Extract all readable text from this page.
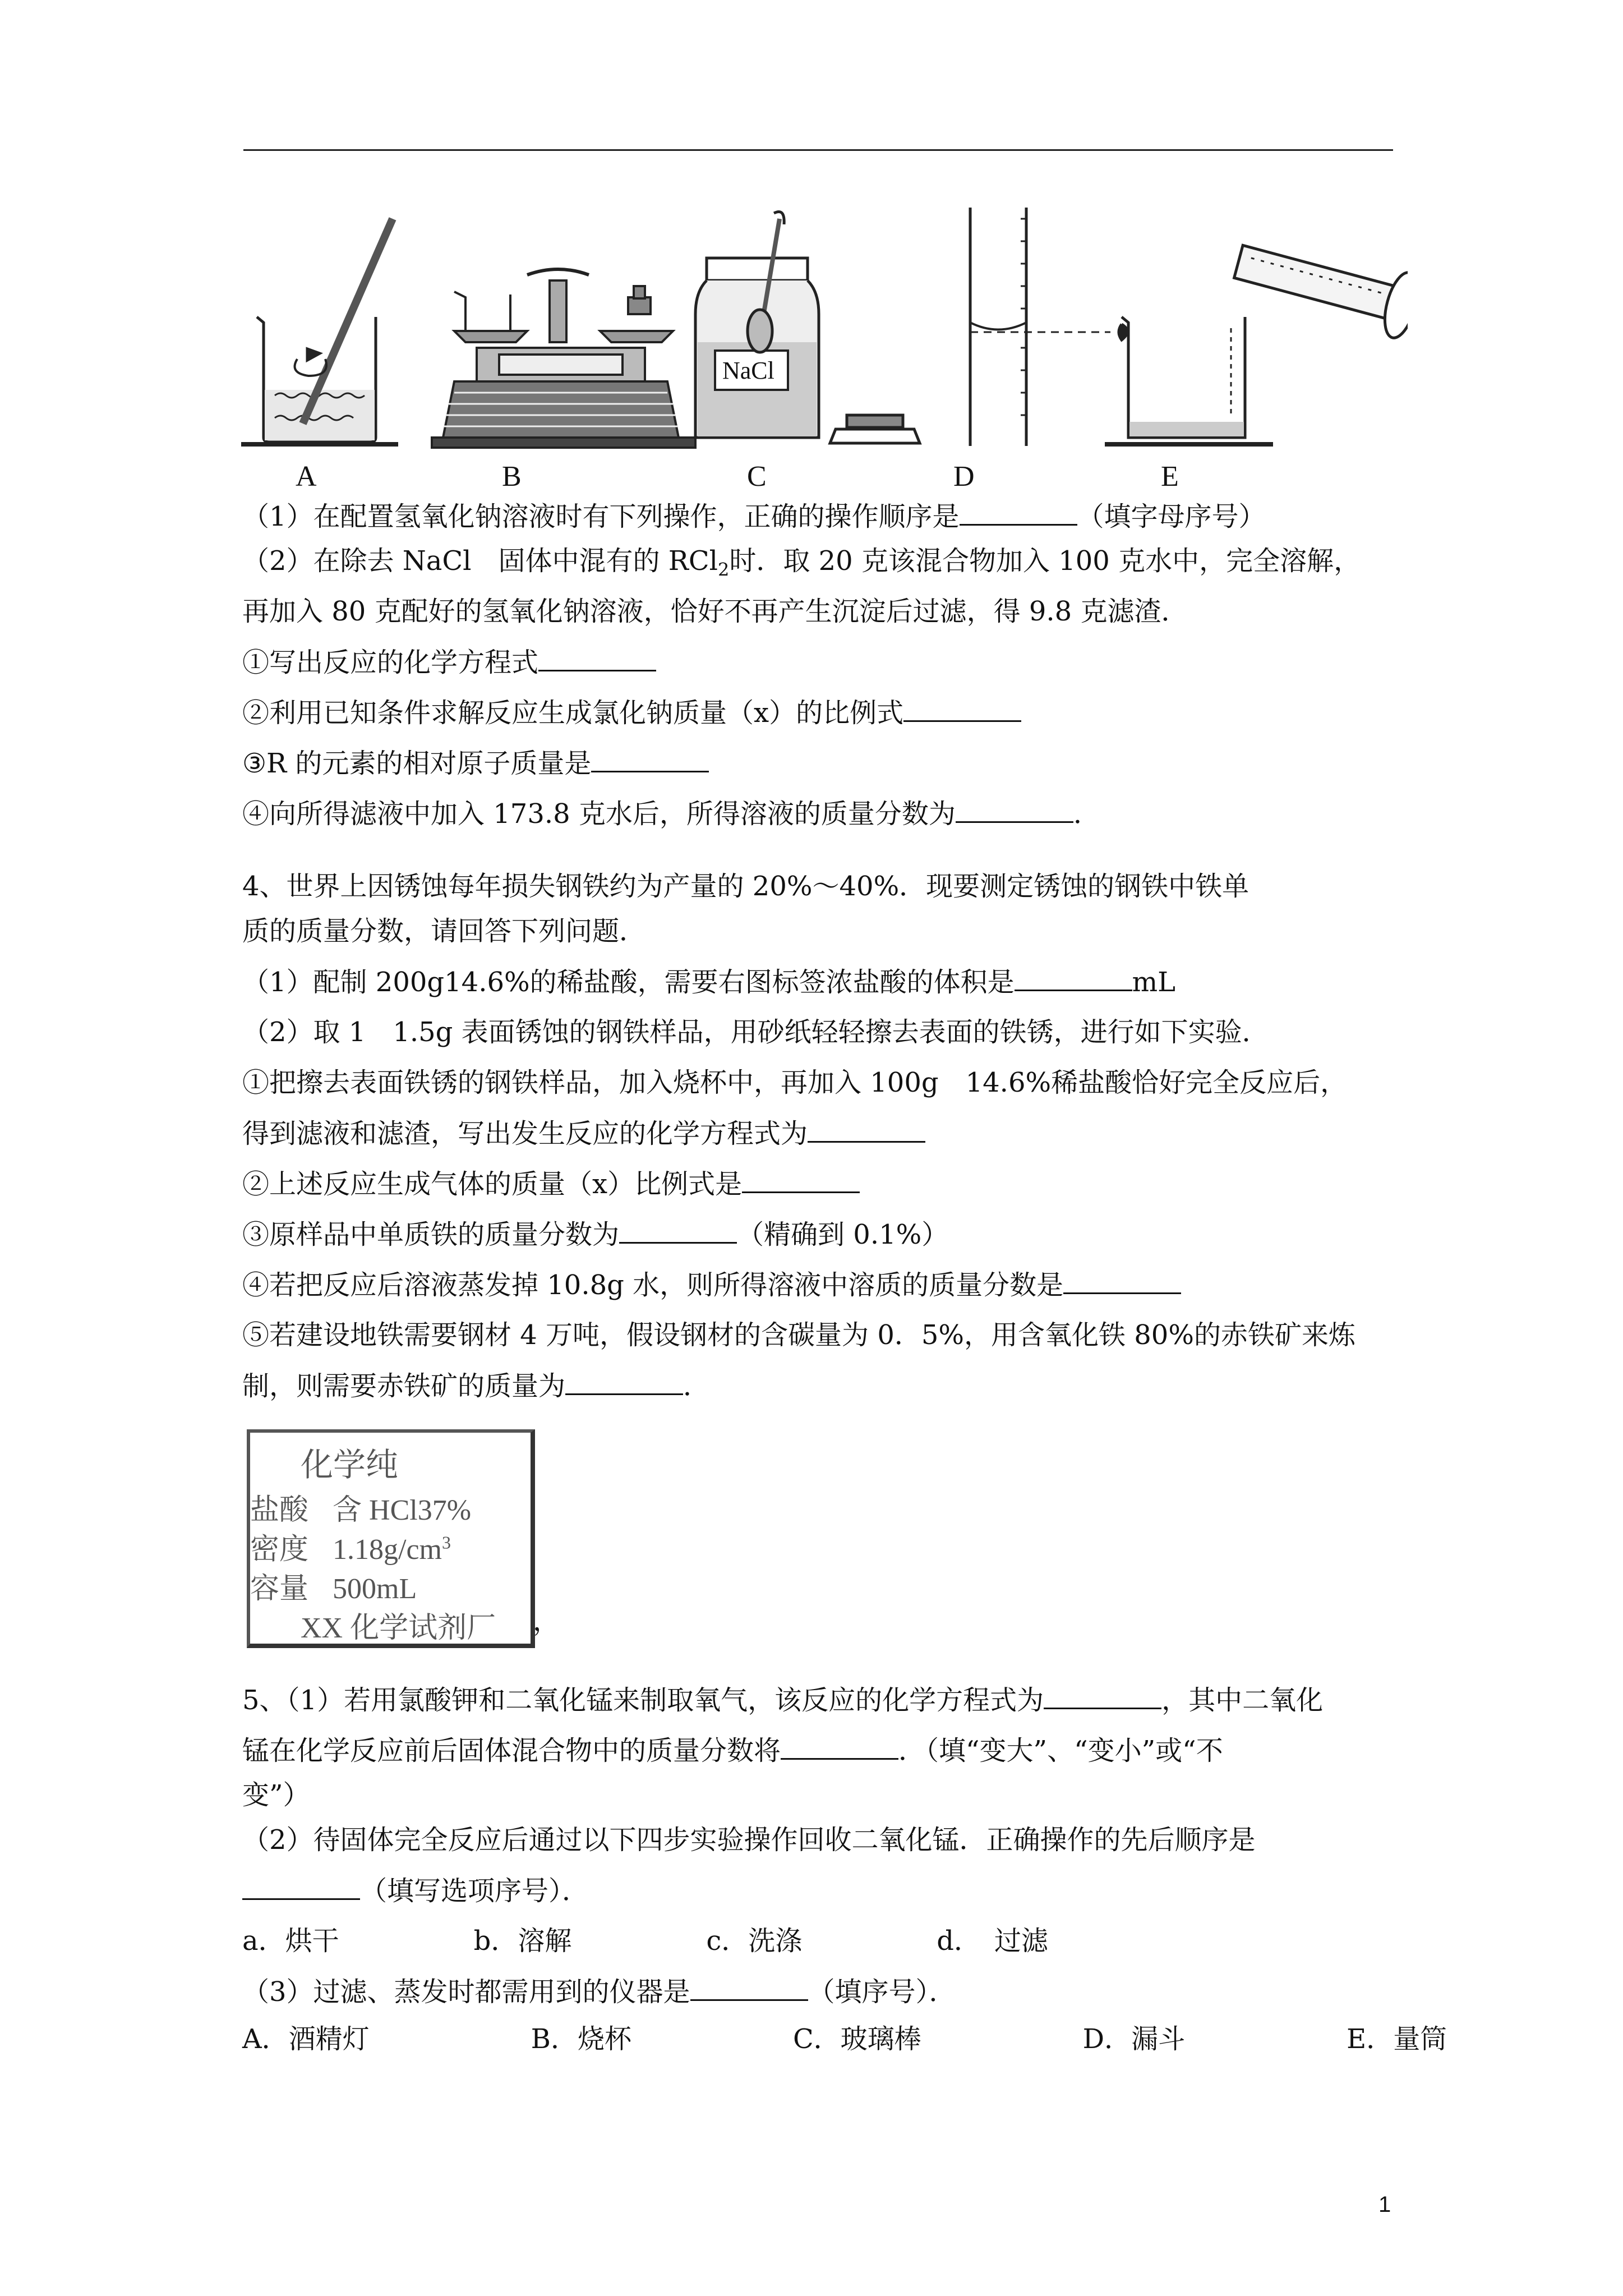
NaCl
A	B	C	D	E
（1）在配置氢氧化钠溶液时有下列操作，正确的操作顺序是	（填字母序号）
（2）在除去 NaCl　固体中混有的 RCl$_2$时．取 20 克该混合物加入 100 克水中，完全溶解，
再加入 80 克配好的氢氧化钠溶液，恰好不再产生沉淀后过滤，得 9.8 克滤渣．
①写出反应的化学方程式
②利用已知条件求解反应生成氯化钠质量（x）的比例式
③R 的元素的相对原子质量是
④向所得滤液中加入 173.8 克水后，所得溶液的质量分数为	．
4、世界上因锈蚀每年损失钢铁约为产量的 20%～40%．现要测定锈蚀的钢铁中铁单
质的质量分数，请回答下列问题．
（1）配制 200g14.6%的稀盐酸，需要右图标签浓盐酸的体积是	mL
（2）取 1　1.5g 表面锈蚀的钢铁样品，用砂纸轻轻擦去表面的铁锈，进行如下实验．
①把擦去表面铁锈的钢铁样品，加入烧杯中，再加入 100g　14.6%稀盐酸恰好完全反应后，
得到滤液和滤渣，写出发生反应的化学方程式为
②上述反应生成气体的质量（x）比例式是
③原样品中单质铁的质量分数为	（精确到 0.1%）
④若把反应后溶液蒸发掉 10.8g 水，则所得溶液中溶质的质量分数是
⑤若建设地铁需要钢材 4 万吨，假设钢材的含碳量为 0．5%，用含氧化铁 80%的赤铁矿来炼
制，则需要赤铁矿的质量为	．
5、（1）若用氯酸钾和二氧化锰来制取氧气，该反应的化学方程式为	，其中二氧化
锰在化学反应前后固体混合物中的质量分数将	．（填“变大”、“变小”或“不
变”）
（2）待固体完全反应后通过以下四步实验操作回收二氧化锰．正确操作的先后顺序是
（填写选项序号）．
a．烘干　　　　　b．溶解　　　　　c．洗涤　　　　　d．　过滤
（3）过滤、蒸发时都需用到的仪器是	（填序号）．
A．酒精灯　　　　　　B．烧杯　　　　　　C．玻璃棒　　　　　　D．漏斗　　　　　　E．量筒
化学纯
盐酸 含 HCl37%
密度 $1.18g/cm^3$
容量 500mL
XX 化学试剂厂 ，
1
